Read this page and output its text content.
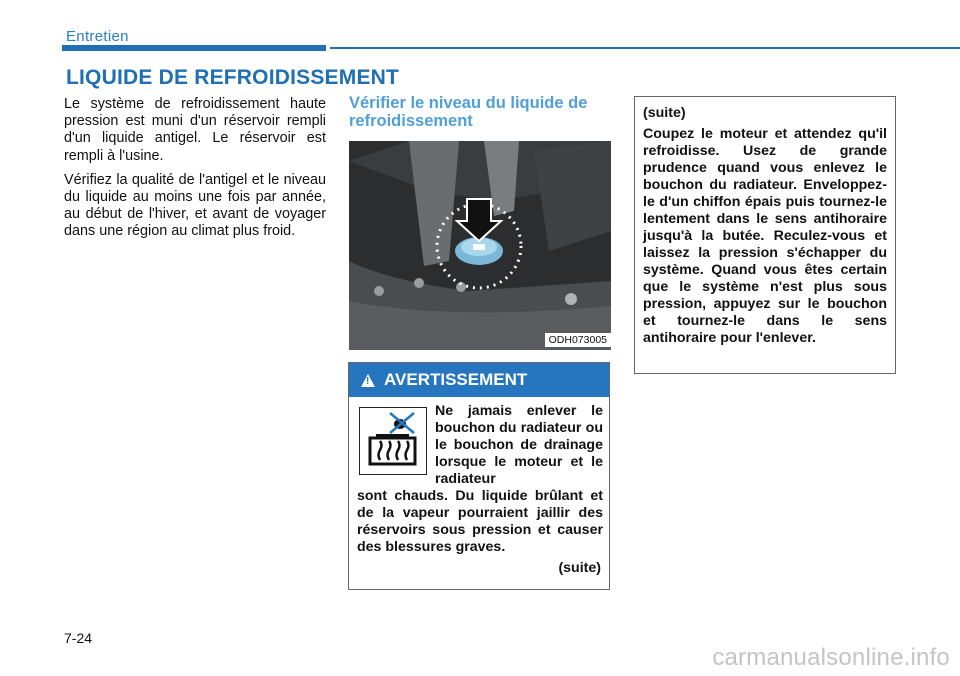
Entretien
LIQUIDE DE REFROIDISSEMENT

Le système de refroidissement haute pression est muni d'un réservoir rempli d'un liquide antigel. Le réservoir est rempli à l'usine.

Vérifiez la qualité de l'antigel et le niveau du liquide au moins une fois par année, au début de l'hiver, et avant de voyager dans une région au climat plus froid.

Vérifier le niveau du liquide de refroidissement
ODH073005
! AVERTISSEMENT
Ne jamais enlever le bouchon du radiateur ou le bouchon de drainage lorsque le moteur et le radiateur
sont chauds. Du liquide brûlant et de la vapeur pourraient jaillir des réservoirs sous pression et causer des blessures graves.
(suite)
(suite)
Coupez le moteur et attendez qu'il refroidisse. Usez de grande prudence quand vous enlevez le bouchon du radiateur. Enveloppez-le d'un chiffon épais puis tournez-le lentement dans le sens antihoraire jusqu'à la butée. Reculez-vous et laissez la pression s'échapper du système. Quand vous êtes certain que le système n'est plus sous pression, appuyez sur le bouchon et tournez-le dans le sens antihoraire pour l'enlever.
7-24
carmanualsonline.info
